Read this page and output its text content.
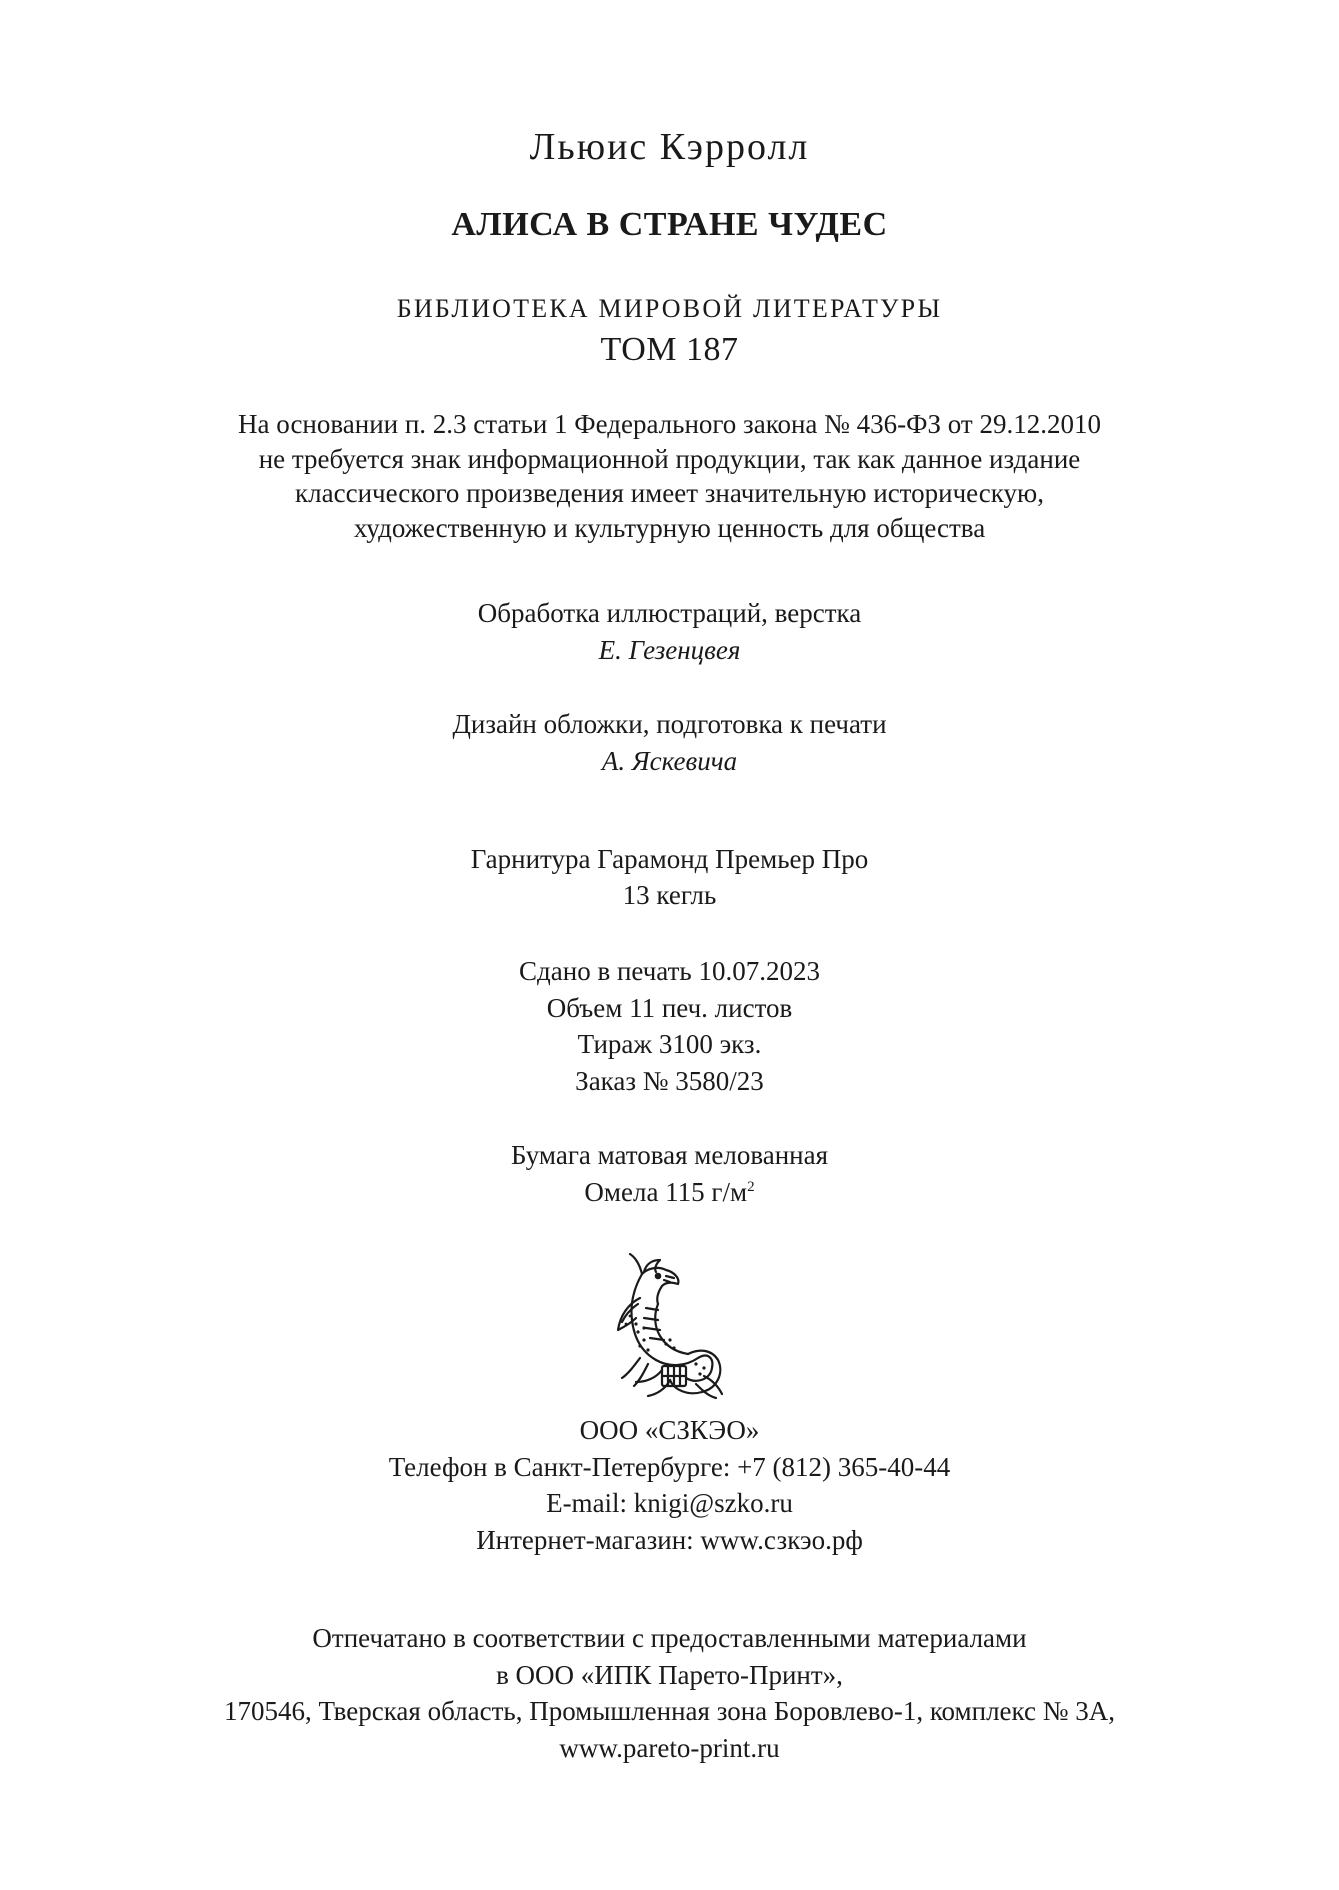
Льюис Кэрролл
АЛИСА В СТРАНЕ ЧУДЕС
БИБЛИОТЕКА МИРОВОЙ ЛИТЕРАТУРЫ
ТОМ 187
На основании п. 2.3 статьи 1 Федерального закона № 436-ФЗ от 29.12.2010
не требуется знак информационной продукции, так как данное издание
классического произведения имеет значительную историческую,
художественную и культурную ценность для общества
Обработка иллюстраций, верстка
Е. Гезенцвея
Дизайн обложки, подготовка к печати
А. Яскевича
Гарнитура Гарамонд Премьер Про
13 кегль
Сдано в печать 10.07.2023
Объем 11 печ. листов
Тираж 3100 экз.
Заказ № 3580/23
Бумага матовая мелованная
Омела 115 $г/м^2$
ООО «СЗКЭО»
Телефон в Санкт-Петербурге: +7 (812) 365-40-44
E-mail: knigi@szko.ru
Интернет-магазин: www.сзкэо.рф
Отпечатано в соответствии с предоставленными материалами
в ООО «ИПК Парето-Принт»,
170546, Тверская область, Промышленная зона Боровлево-1, комплекс № 3А,
www.pareto-print.ru
